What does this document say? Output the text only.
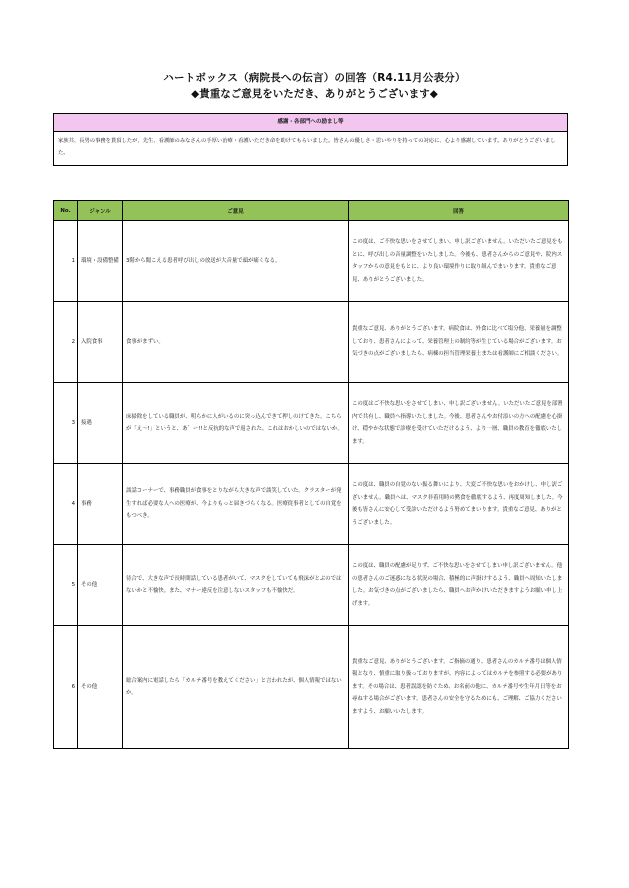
ハートボックス（病院長への伝言）の回答（R4.11月公表分）
◆貴重なご意見をいただき、ありがとうございます◆
感謝・各部門への励まし等
家族共、長男の事務を貰頂したが、先生、看護師のみなさんの手厚い治療・看護いただき命を助けてもらいました。皆さんの優しさ・思いやりを持っての対応に、心より感謝しています。ありがとうございました。
No.	ジャンル	ご意見	回答
1	環境・設備整備	3階から聞こえる患者呼び出しの放送が大音量で頭が痛くなる。	この度は、ご不快な思いをさせてしまい、申し訳ございません。いただいたご意見をもとに、呼び出しの音量調整をいたしました。今後も、患者さんからのご意見や、院内スタッフからの意見をもとに、より良い環境作りに取り組んでまいります。貴重なご意見、ありがとうございました。
2	入院食事	食事がまずい。	貴重なご意見、ありがとうございます。病院食は、外食に比べて塩分他、栄養量を調整しており、患者さんによって、栄養管理上の制約等が生じている場合がございます。お気づきの点がございましたら、病棟の担当管理栄養士または看護師にご相談ください。
3	接遇	床掃除をしている職員が、明らかに人がいるのに突っ込んできて押しのけてきた。こちらが「え～!」というと、あ゛ー!!と反抗的な声で返された。これはおかしいのではないか。	この度はご不快な思いをさせてしまい、申し訳ございません。いただいたご意見を部署内で共有し、職員へ指導いたしました。今後、患者さんやお付添いの方への配慮を心掛け、穏やかな状態で診療を受けていただけるよう、より一層、職員の教育を徹底いたします。
4	事務	談話コーナーで、事務職員が食事をとりながら大きな声で談笑していた。クラスターが発生すれば必要な人への医療が、今よりもっと届きづらくなる。医療従事者としての自覚をもつべき。	この度は、職員の自覚のない振る舞いにより、大変ご不快な思いをおかけし、申し訳ございません。職員へは、マスク非着用時の黙食を徹底するよう、再度周知しました。今後も皆さんに安心して受診いただけるよう努めてまいります。貴重なご意見、ありがとうございました。
5	その他	待合で、大きな声で長時間話している患者がいて、マスクをしていても飛沫がとぶのではないかと不愉快。また、マナー違反を注意しないスタッフも不愉快だ。	この度は、職員の配慮が足りず、ご不快な思いをさせてしまい申し訳ございません。他の患者さんのご迷惑になる状況の場合、積極的に声掛けするよう、職員へ周知いたしました。お気づきの点がございましたら、職員へお声かけいただきますようお願い申し上げます。
6	その他	総合案内に電話したら「カルテ番号を教えてください」と言われたが、個人情報ではないか。	貴重なご意見、ありがとうございます。ご指摘の通り、患者さんのカルテ番号は個人情報となり、慎重に取り扱っておりますが、内容によってはカルテを参照する必要があります。その場合は、患者誤認を防ぐため、お名前の他に、カルテ番号や生年月日等をお尋ねする場合がございます。患者さんの安全を守るためにも、ご理解、ご協力くださいますよう、お願いいたします。
